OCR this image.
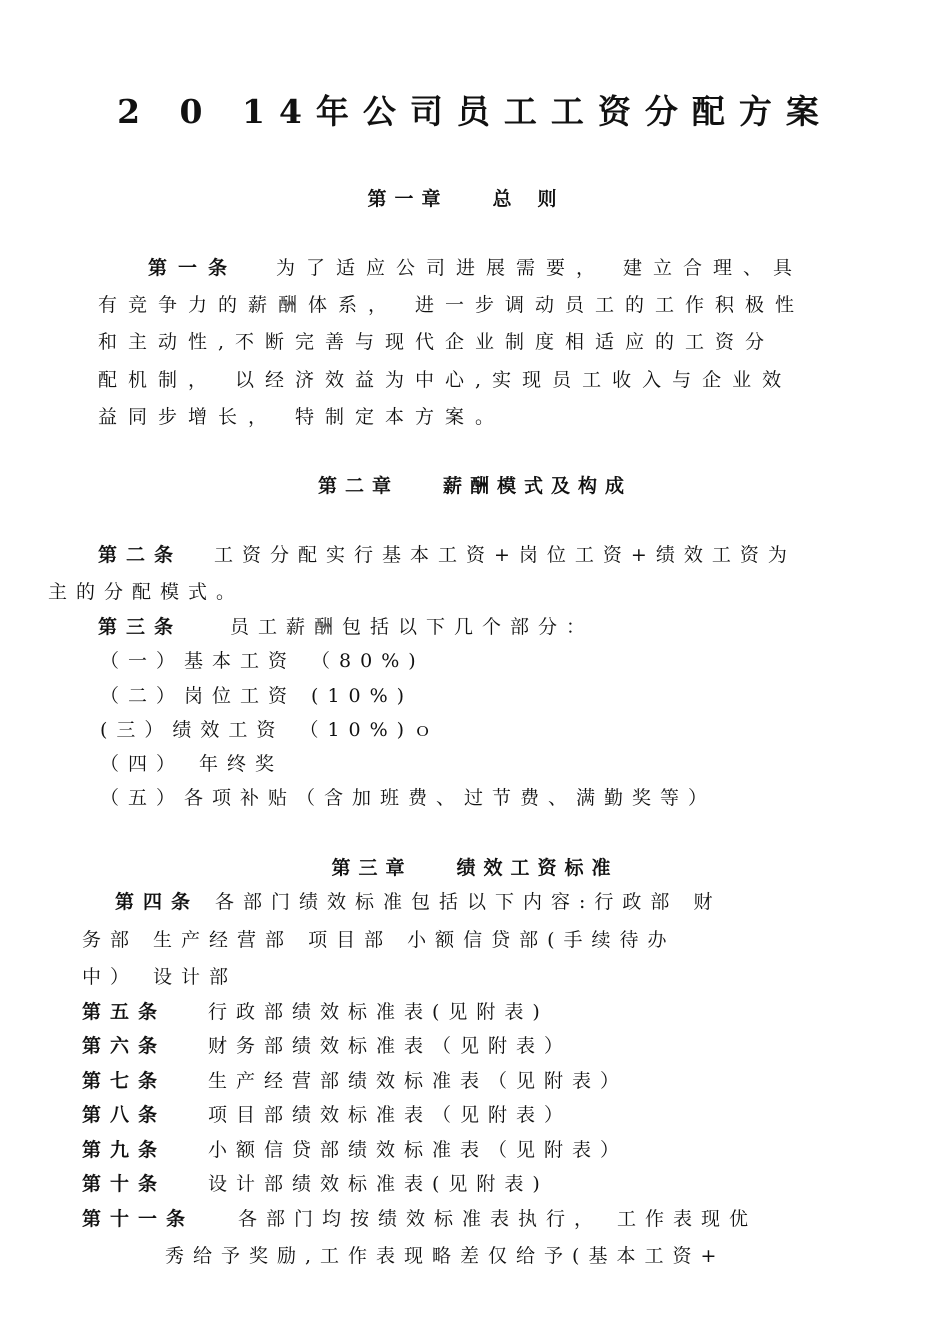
2 0 14年公司员工工资分配方案
第一章 总则
第一条 为了适应公司进展需要， 建立合理、具
有竞争力的薪酬体系， 进一步调动员工的工作积极性
和主动性,不断完善与现代企业制度相适应的工资分
配机制， 以经济效益为中心,实现员工收入与企业效
益同步增长， 特制定本方案。
第二章 薪酬模式及构成
第二条 工资分配实行基本工资+岗位工资+绩效工资为
主的分配模式。
第三条	员工薪酬包括以下几个部分：
（一）基本工资 （80%)
（二）岗位工资 (10%)
(三）绩效工资 （10%)ｏ
（四） 年终奖
（五）各项补贴（含加班费、过节费、满勤奖等）
第三章 绩效工资标准
第四条 各部门绩效标准包括以下内容:行政部 财
务部 生产经营部 项目部 小额信贷部(手续待办
中） 设计部
第五条 行政部绩效标准表(见附表)
第六条 财务部绩效标准表（见附表）
第七条 生产经营部绩效标准表（见附表）
第八条 项目部绩效标准表（见附表）
第九条 小额信贷部绩效标准表（见附表）
第十条 设计部绩效标准表(见附表)
第十一条 各部门均按绩效标准表执行， 工作表现优
秀给予奖励,工作表现略差仅给予(基本工资+
